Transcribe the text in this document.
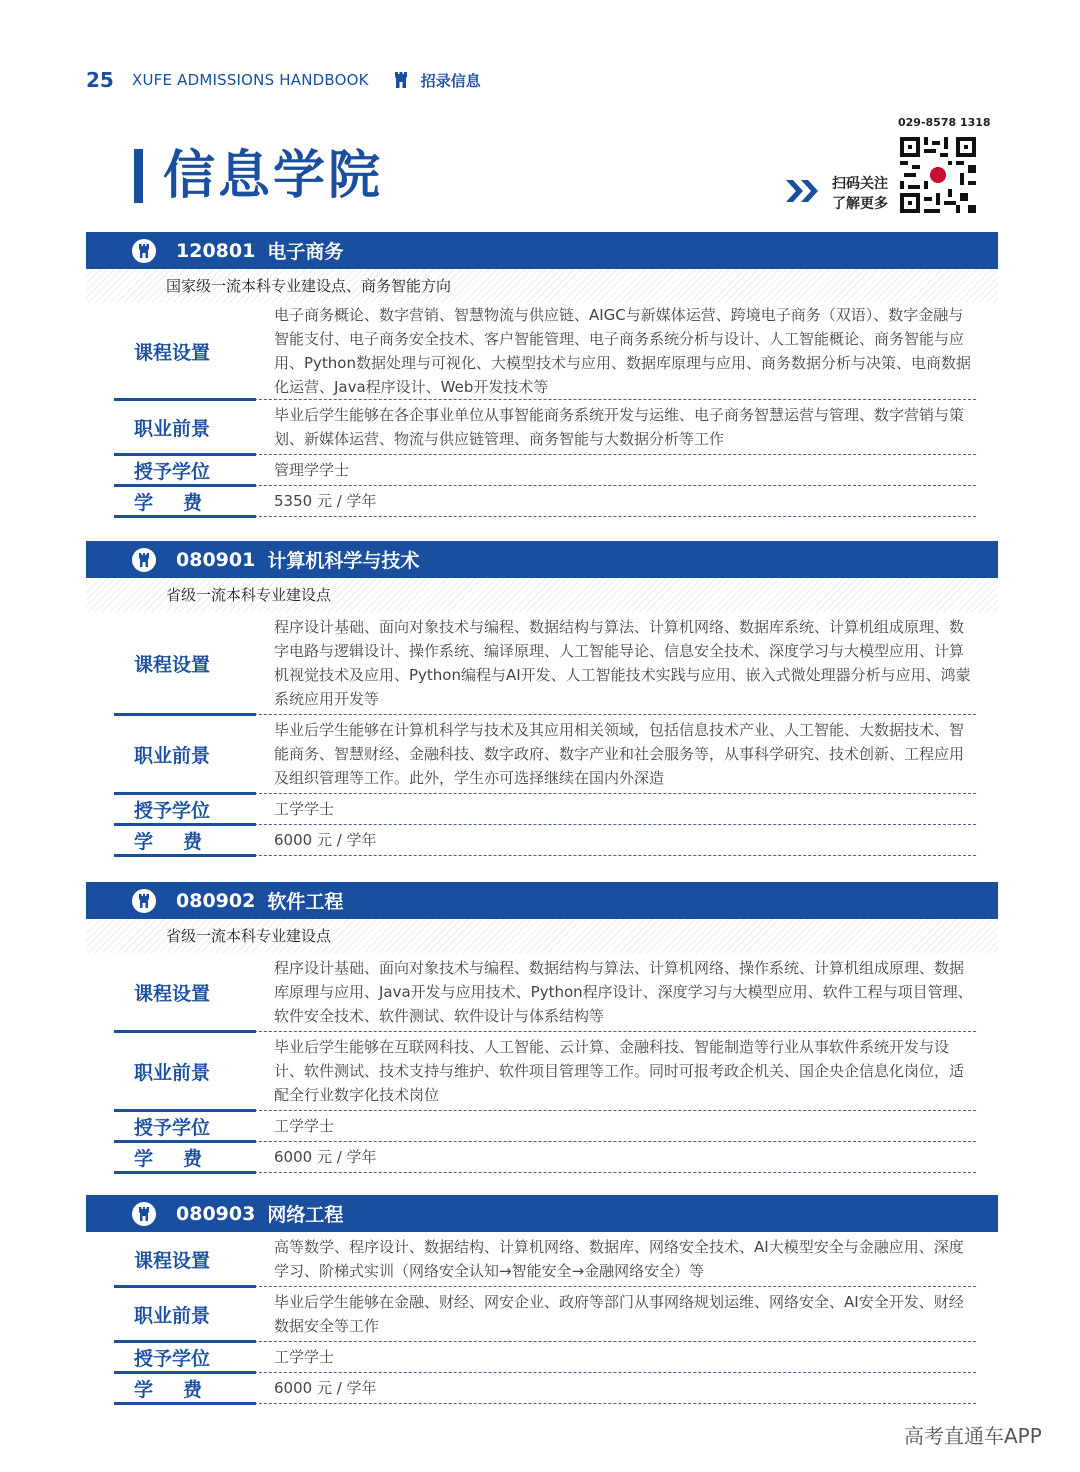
25	XUFE ADMISSIONS HANDBOOK	招录信息
信息学院
029-8578 1318
扫码关注
了解更多
120801 电子商务
国家级一流本科专业建设点、商务智能方向
课程设置
电子商务概论、数字营销、智慧物流与供应链、AIGC与新媒体运营、跨境电子商务（双语）、数字金融与智能支付、电子商务安全技术、客户智能管理、电子商务系统分析与设计、人工智能概论、商务智能与应用、Python数据处理与可视化、大模型技术与应用、数据库原理与应用、商务数据分析与决策、电商数据化运营、Java程序设计、Web开发技术等
职业前景
毕业后学生能够在各企事业单位从事智能商务系统开发与运维、电子商务智慧运营与管理、数字营销与策划、新媒体运营、物流与供应链管理、商务智能与大数据分析等工作
授予学位	管理学学士
学费	5350 元 / 学年
080901 计算机科学与技术
省级一流本科专业建设点
课程设置
程序设计基础、面向对象技术与编程、数据结构与算法、计算机网络、数据库系统、计算机组成原理、数字电路与逻辑设计、操作系统、编译原理、人工智能导论、信息安全技术、深度学习与大模型应用、计算机视觉技术及应用、Python编程与AI开发、人工智能技术实践与应用、嵌入式微处理器分析与应用、鸿蒙系统应用开发等
职业前景
毕业后学生能够在计算机科学与技术及其应用相关领域，包括信息技术产业、人工智能、大数据技术、智能商务、智慧财经、金融科技、数字政府、数字产业和社会服务等，从事科学研究、技术创新、工程应用及组织管理等工作。此外，学生亦可选择继续在国内外深造
授予学位	工学学士
学费	6000 元 / 学年
080902 软件工程
省级一流本科专业建设点
课程设置
程序设计基础、面向对象技术与编程、数据结构与算法、计算机网络、操作系统、计算机组成原理、数据库原理与应用、Java开发与应用技术、Python程序设计、深度学习与大模型应用、软件工程与项目管理、软件安全技术、软件测试、软件设计与体系结构等
职业前景
毕业后学生能够在互联网科技、人工智能、云计算、金融科技、智能制造等行业从事软件系统开发与设计、软件测试、技术支持与维护、软件项目管理等工作。同时可报考政企机关、国企央企信息化岗位，适配全行业数字化技术岗位
授予学位	工学学士
学费	6000 元 / 学年
080903 网络工程
课程设置
高等数学、程序设计、数据结构、计算机网络、数据库、网络安全技术、AI大模型安全与金融应用、深度学习、阶梯式实训（网络安全认知→智能安全→金融网络安全）等
职业前景
毕业后学生能够在金融、财经、网安企业、政府等部门从事网络规划运维、网络安全、AI安全开发、财经数据安全等工作
授予学位	工学学士
学费	6000 元 / 学年
高考直通车APP
